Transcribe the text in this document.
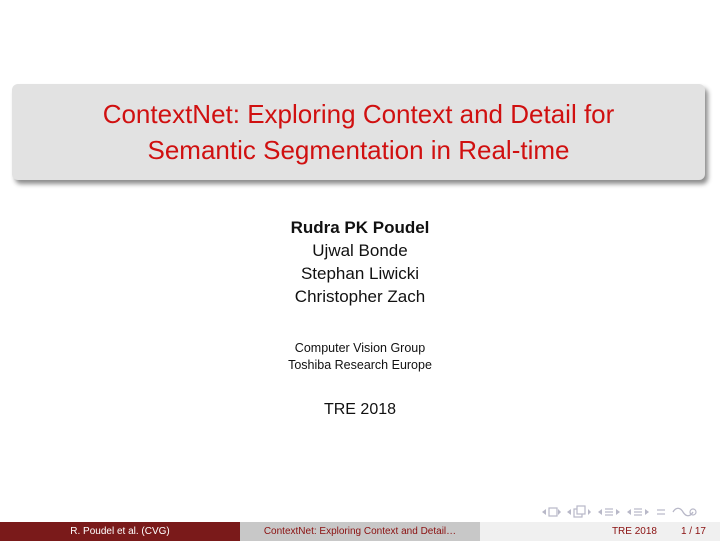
ContextNet: Exploring Context and Detail for
Semantic Segmentation in Real-time
Rudra PK Poudel
Ujwal Bonde
Stephan Liwicki
Christopher Zach
Computer Vision Group
Toshiba Research Europe
TRE 2018
R. Poudel et al. (CVG)	ContextNet: Exploring Context and Detail…	TRE 2018 1 / 17
